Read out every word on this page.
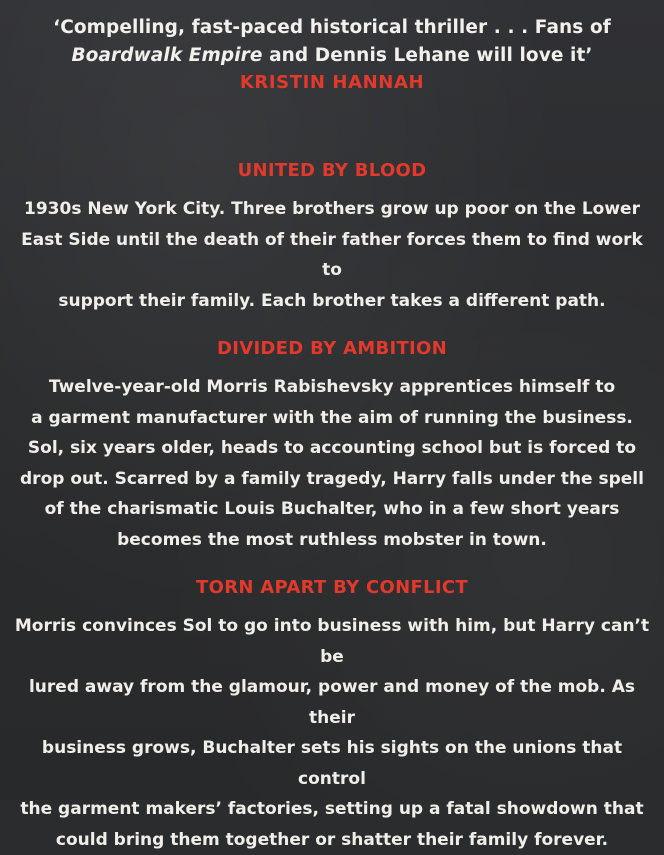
‘Compelling, fast-paced historical thriller . . . Fans of
Boardwalk Empire and Dennis Lehane will love it’
KRISTIN HANNAH
UNITED BY BLOOD
1930s New York City. Three brothers grow up poor on the Lower
East Side until the death of their father forces them to find work to
support their family. Each brother takes a different path.
DIVIDED BY AMBITION
Twelve-year-old Morris Rabishevsky apprentices himself to
a garment manufacturer with the aim of running the business.
Sol, six years older, heads to accounting school but is forced to
drop out. Scarred by a family tragedy, Harry falls under the spell
of the charismatic Louis Buchalter, who in a few short years
becomes the most ruthless mobster in town.
TORN APART BY CONFLICT
Morris convinces Sol to go into business with him, but Harry can’t be
lured away from the glamour, power and money of the mob. As their
business grows, Buchalter sets his sights on the unions that control
the garment makers’ factories, setting up a fatal showdown that
could bring them together or shatter their family forever.
